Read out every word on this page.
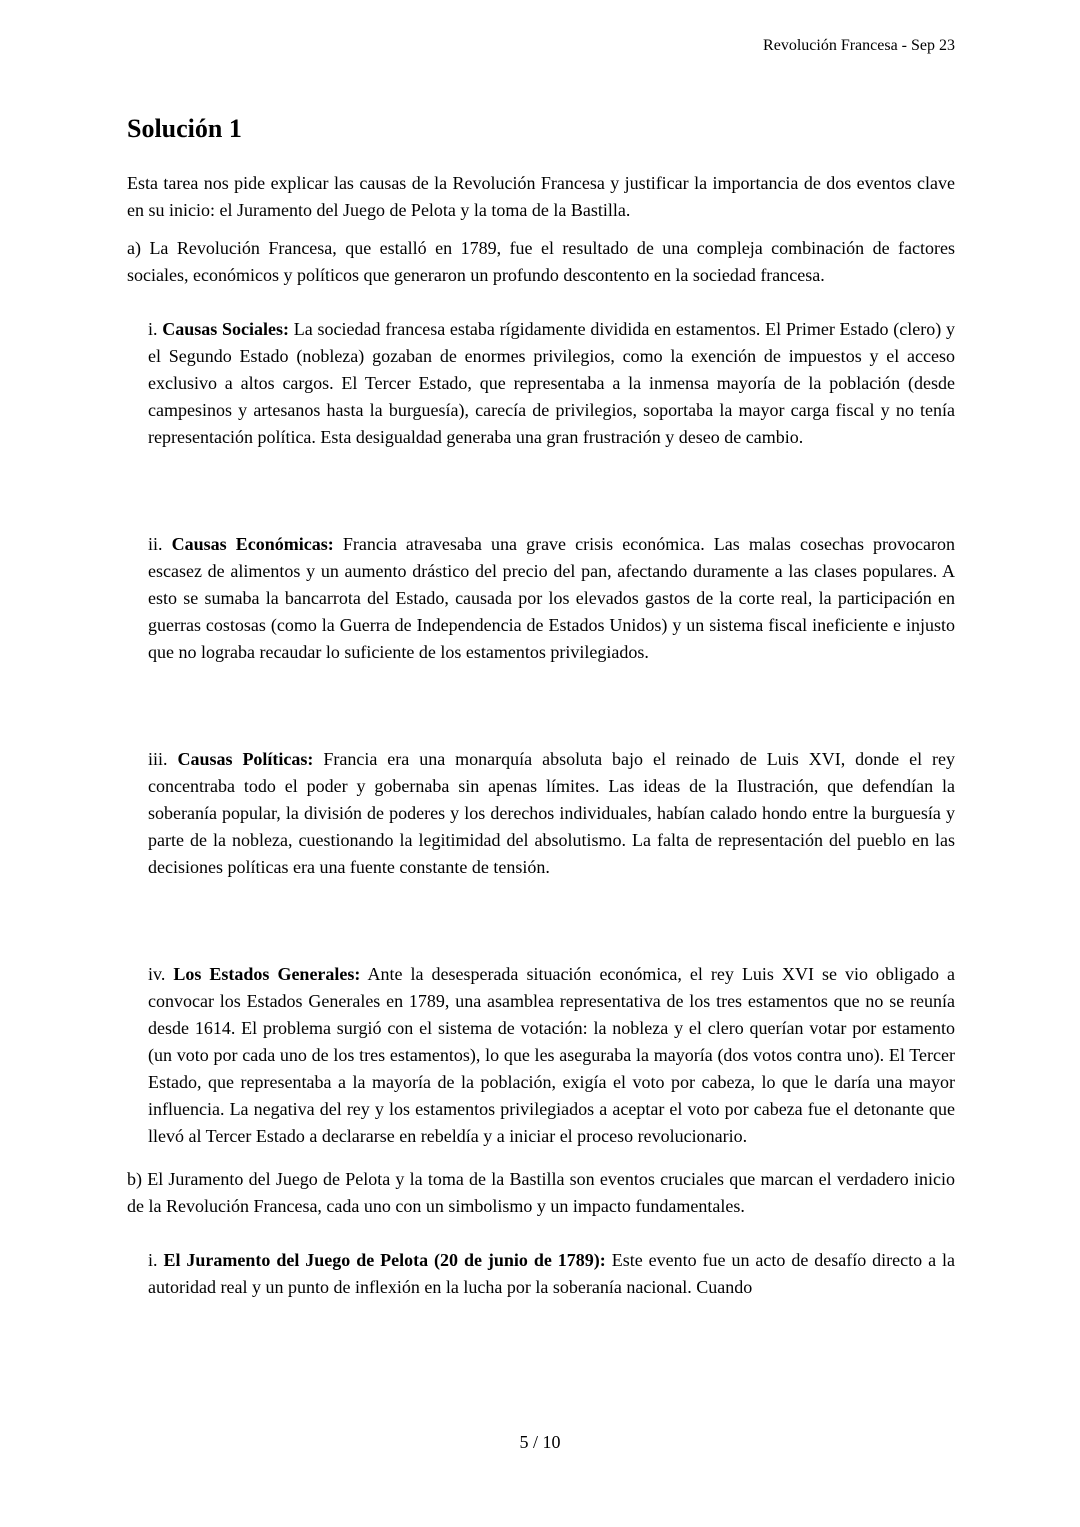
Revolución Francesa - Sep 23
Solución 1

Esta tarea nos pide explicar las causas de la Revolución Francesa y justificar la importancia de dos eventos clave en su inicio: el Juramento del Juego de Pelota y la toma de la Bastilla.

a) La Revolución Francesa, que estalló en 1789, fue el resultado de una compleja combinación de factores sociales, económicos y políticos que generaron un profundo descontento en la sociedad francesa.

i. Causas Sociales: La sociedad francesa estaba rígidamente dividida en estamentos. El Primer Estado (clero) y el Segundo Estado (nobleza) gozaban de enormes privilegios, como la exención de impuestos y el acceso exclusivo a altos cargos. El Tercer Estado, que representaba a la inmensa mayoría de la población (desde campesinos y artesanos hasta la burguesía), carecía de privilegios, soportaba la mayor carga fiscal y no tenía representación política. Esta desigualdad generaba una gran frustración y deseo de cambio.

ii. Causas Económicas: Francia atravesaba una grave crisis económica. Las malas cosechas provocaron escasez de alimentos y un aumento drástico del precio del pan, afectando duramente a las clases populares. A esto se sumaba la bancarrota del Estado, causada por los elevados gastos de la corte real, la participación en guerras costosas (como la Guerra de Independencia de Estados Unidos) y un sistema fiscal ineficiente e injusto que no lograba recaudar lo suficiente de los estamentos privilegiados.

iii. Causas Políticas: Francia era una monarquía absoluta bajo el reinado de Luis XVI, donde el rey concentraba todo el poder y gobernaba sin apenas límites. Las ideas de la Ilustración, que defendían la soberanía popular, la división de poderes y los derechos individuales, habían calado hondo entre la burguesía y parte de la nobleza, cuestionando la legitimidad del absolutismo. La falta de representación del pueblo en las decisiones políticas era una fuente constante de tensión.

iv. Los Estados Generales: Ante la desesperada situación económica, el rey Luis XVI se vio obligado a convocar los Estados Generales en 1789, una asamblea representativa de los tres estamentos que no se reunía desde 1614. El problema surgió con el sistema de votación: la nobleza y el clero querían votar por estamento (un voto por cada uno de los tres estamentos), lo que les aseguraba la mayoría (dos votos contra uno). El Tercer Estado, que representaba a la mayoría de la población, exigía el voto por cabeza, lo que le daría una mayor influencia. La negativa del rey y los estamentos privilegiados a aceptar el voto por cabeza fue el detonante que llevó al Tercer Estado a declararse en rebeldía y a iniciar el proceso revolucionario.

b) El Juramento del Juego de Pelota y la toma de la Bastilla son eventos cruciales que marcan el verdadero inicio de la Revolución Francesa, cada uno con un simbolismo y un impacto fundamentales.

i. El Juramento del Juego de Pelota (20 de junio de 1789): Este evento fue un acto de desafío directo a la autoridad real y un punto de inflexión en la lucha por la soberanía nacional. Cuando

5 / 10
